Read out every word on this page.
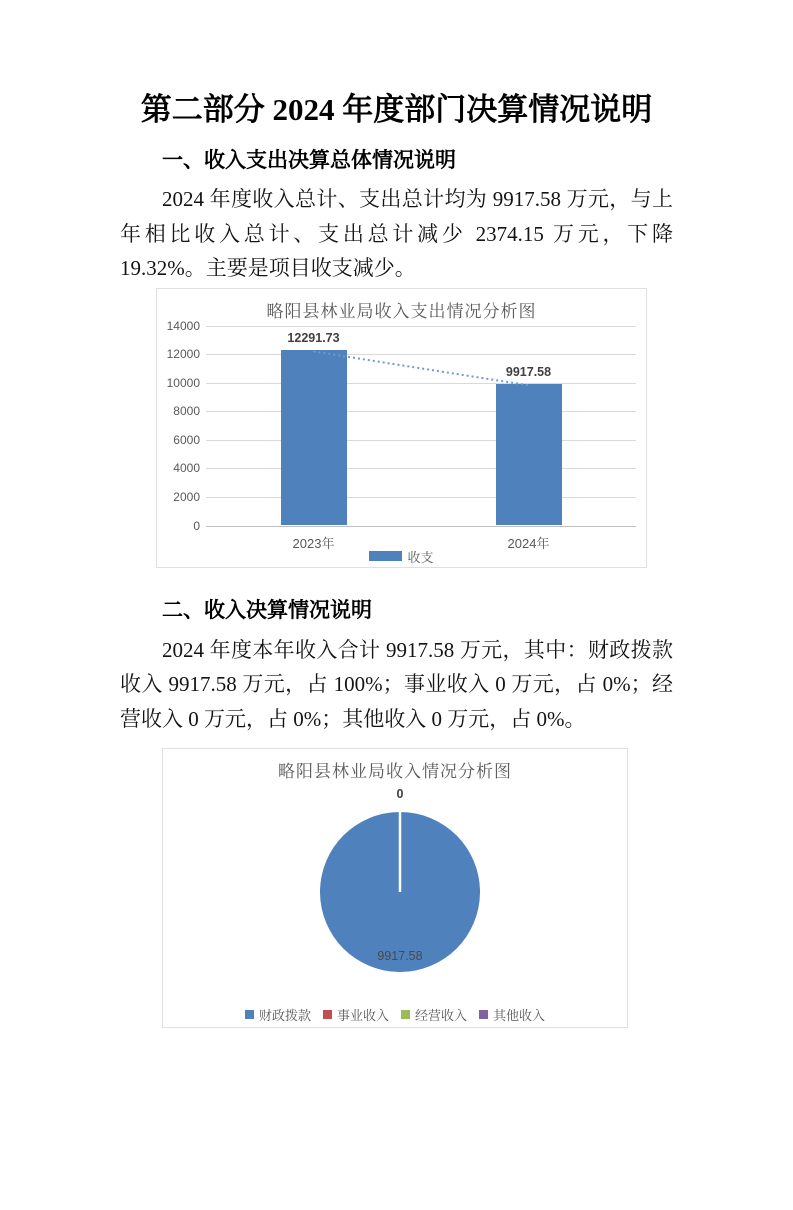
第二部分 2024 年度部门决算情况说明
一、收入支出决算总体情况说明

2024 年度收入总计、支出总计均为 9917.58 万元，与上年相比收入总计、支出总计减少 2374.15 万元，下降 19.32%。主要是项目收支减少。

略阳县林业局收入支出情况分析图
14000
12000
10000
8000
6000
4000
2000
0
12291.73
2023年
9917.58
2024年
收支
二、收入决算情况说明

2024 年度本年收入合计 9917.58 万元，其中：财政拨款收入 9917.58 万元，占 100%；事业收入 0 万元，占 0%；经营收入 0 万元，占 0%；其他收入 0 万元，占 0%。

略阳县林业局收入情况分析图
0
9917.58
财政拨款 事业收入 经营收入 其他收入
